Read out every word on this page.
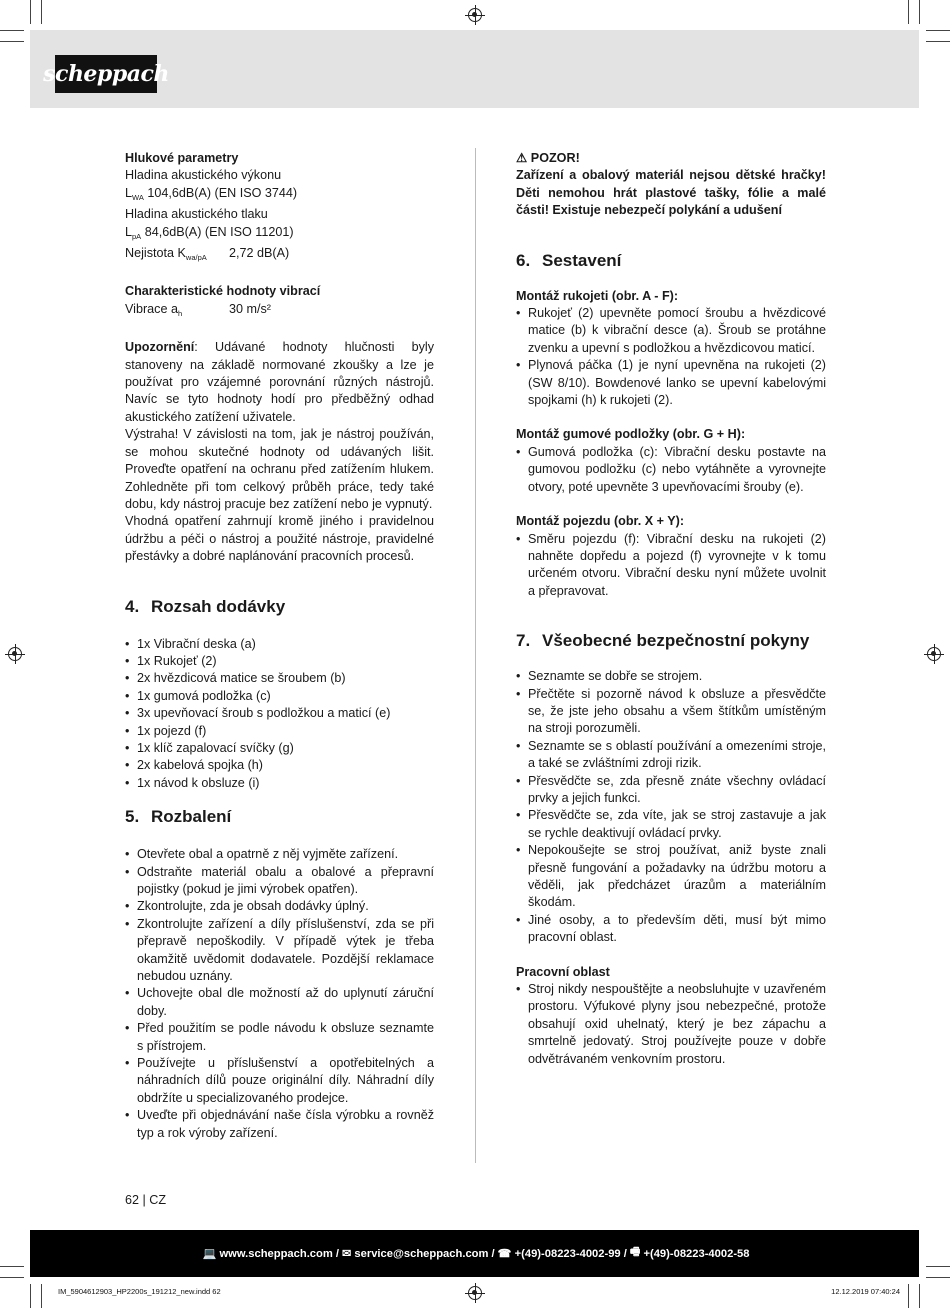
scheppach
Hlukové parametry
Hladina akustického výkonu
$L_{WA}$ 104,6dB(A) (EN ISO 3744)
Hladina akustického tlaku
$L_{pA}$ 84,6dB(A) (EN ISO 11201)
Nejistota $K_{wa/pA}$	2,72 dB(A)
Charakteristické hodnoty vibrací
Vibrace $a_h$	30 m/s²

Upozornění: Udávané hodnoty hlučnosti byly stanoveny na základě normované zkoušky a lze je používat pro vzájemné porovnání různých nástrojů. Navíc se tyto hodnoty hodí pro předběžný odhad akustického zatížení uživatele.

Výstraha! V závislosti na tom, jak je nástroj používán, se mohou skutečné hodnoty od udávaných lišit. Proveďte opatření na ochranu před zatížením hlukem. Zohledněte při tom celkový průběh práce, tedy také dobu, kdy nástroj pracuje bez zatížení nebo je vypnutý.

Vhodná opatření zahrnují kromě jiného i pravidelnou údržbu a péči o nástroj a použité nástroje, pravidelné přestávky a dobré naplánování pracovních procesů.

4. Rozsah dodávky
• 1x Vibrační deska (a)
• 1x Rukojeť (2)
• 2x hvězdicová matice se šroubem (b)
• 1x gumová podložka (c)
• 3x upevňovací šroub s podložkou a maticí (e)
• 1x pojezd (f)
• 1x klíč zapalovací svíčky (g)
• 2x kabelová spojka (h)
• 1x návod k obsluze (i)
5. Rozbalení
• Otevřete obal a opatrně z něj vyjměte zařízení.
• Odstraňte materiál obalu a obalové a přepravní pojistky (pokud je jimi výrobek opatřen).
• Zkontrolujte, zda je obsah dodávky úplný.
• Zkontrolujte zařízení a díly příslušenství, zda se při přepravě nepoškodily. V případě výtek je třeba okamžitě uvědomit dodavatele. Pozdější reklamace nebudou uznány.
• Uchovejte obal dle možností až do uplynutí záruční doby.
• Před použitím se podle návodu k obsluze seznamte s přístrojem.
• Používejte u příslušenství a opotřebitelných a náhradních dílů pouze originální díly. Náhradní díly obdržíte u specializovaného prodejce.
• Uveďte při objednávání naše čísla výrobku a rovněž typ a rok výroby zařízení.
⚠ POZOR!

Zařízení a obalový materiál nejsou dětské hračky! Děti nemohou hrát plastové tašky, fólie a malé části! Existuje nebezpečí polykání a udušení

6. Sestavení
Montáž rukojeti (obr. A - F):
• Rukojeť (2) upevněte pomocí šroubu a hvězdicové matice (b) k vibrační desce (a). Šroub se protáhne zvenku a upevní s podložkou a hvězdicovou maticí.
• Plynová páčka (1) je nyní upevněna na rukojeti (2) (SW 8/10). Bowdenové lanko se upevní kabelovými spojkami (h) k rukojeti (2).
Montáž gumové podložky (obr. G + H):
• Gumová podložka (c): Vibrační desku postavte na gumovou podložku (c) nebo vytáhněte a vyrovnejte otvory, poté upevněte 3 upevňovacími šrouby (e).
Montáž pojezdu (obr. X + Y):
• Směru pojezdu (f): Vibrační desku na rukojeti (2) nahněte dopředu a pojezd (f) vyrovnejte v k tomu určeném otvoru. Vibrační desku nyní můžete uvolnit a přepravovat.
7. Všeobecné bezpečnostní pokyny
• Seznamte se dobře se strojem.
• Přečtěte si pozorně návod k obsluze a přesvědčte se, že jste jeho obsahu a všem štítkům umístěným na stroji porozuměli.
• Seznamte se s oblastí používání a omezeními stroje, a také se zvláštními zdroji rizik.
• Přesvědčte se, zda přesně znáte všechny ovládací prvky a jejich funkci.
• Přesvědčte se, zda víte, jak se stroj zastavuje a jak se rychle deaktivují ovládací prvky.
• Nepokoušejte se stroj používat, aniž byste znali přesně fungování a požadavky na údržbu motoru a věděli, jak předcházet úrazům a materiálním škodám.
• Jiné osoby, a to především děti, musí být mimo pracovní oblast.
Pracovní oblast
• Stroj nikdy nespouštějte a neobsluhujte v uzavřeném prostoru. Výfukové plyny jsou nebezpečné, protože obsahují oxid uhelnatý, který je bez zápachu a smrtelně jedovatý. Stroj používejte pouze v dobře odvětrávaném venkovním prostoru.
62 | CZ
💻 www.scheppach.com / ✉ service@scheppach.com / ☎ +(49)-08223-4002-99 / 🖷 +(49)-08223-4002-58
IM_5904612903_HP2200s_191212_new.indd 62	12.12.2019 07:40:24
